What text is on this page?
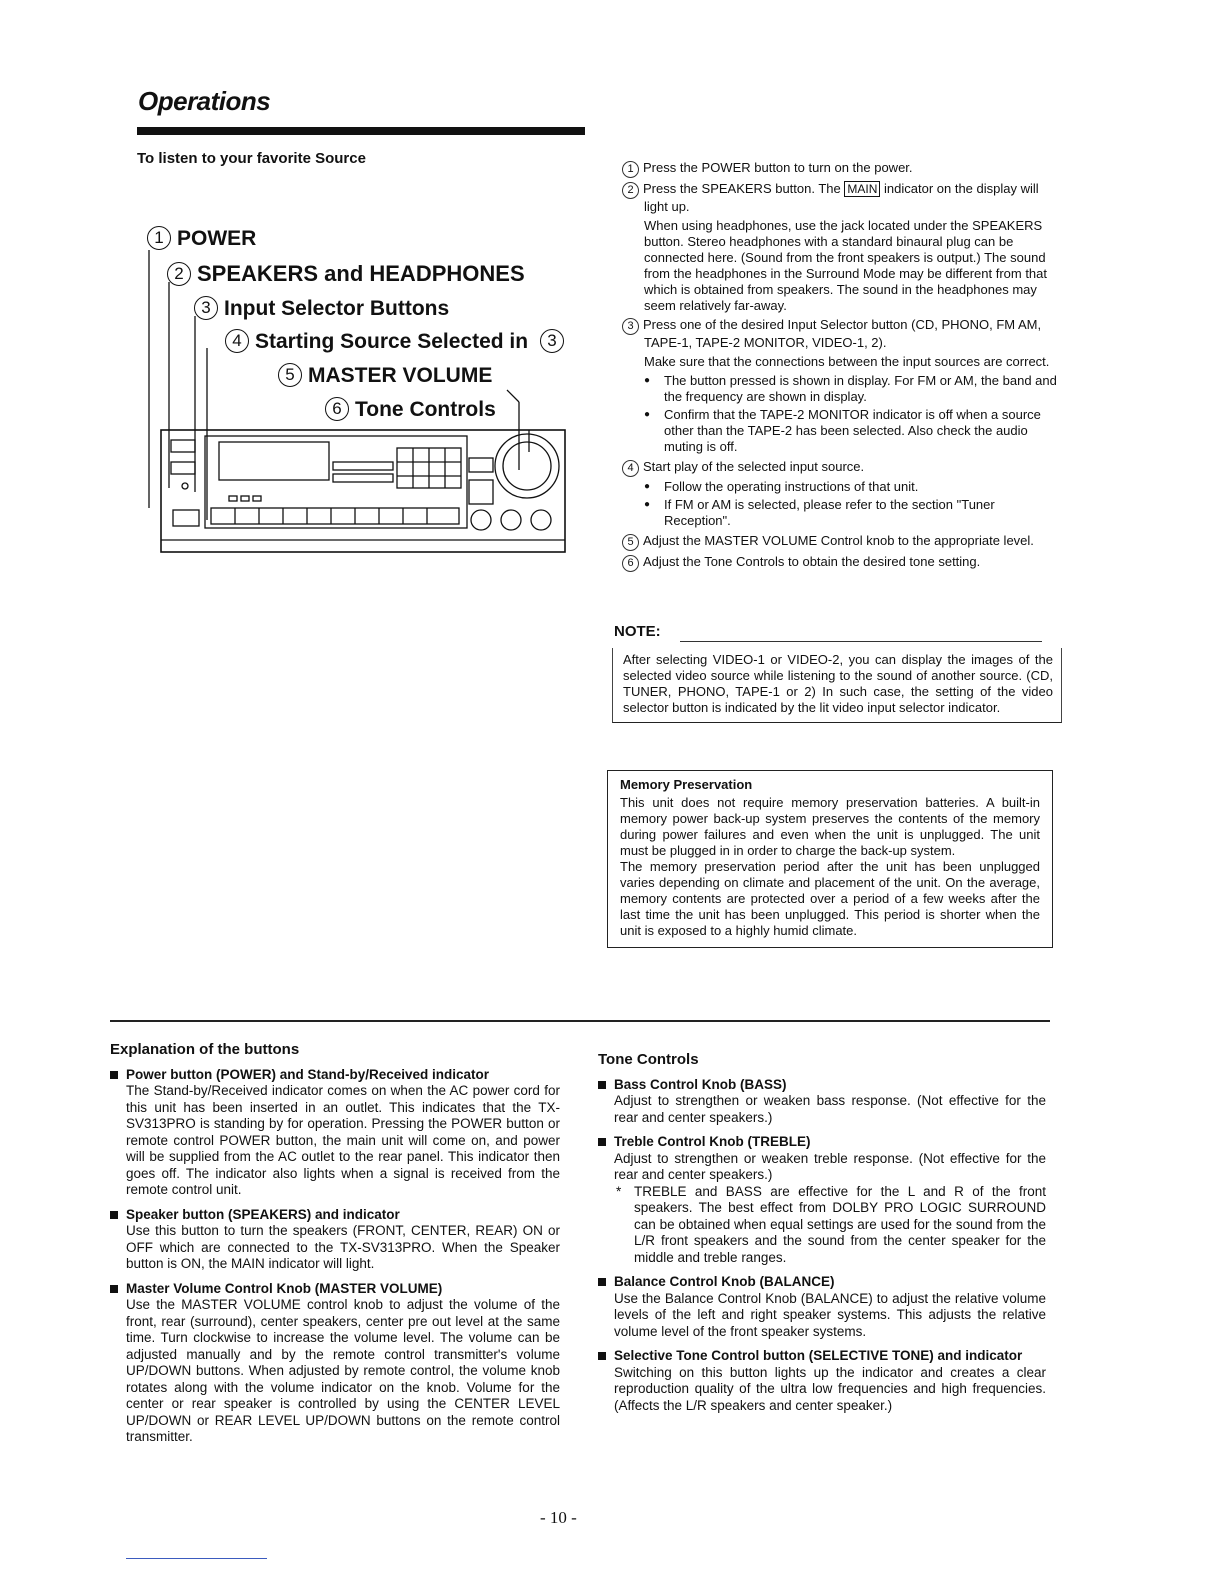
Operations
To listen to your favorite Source
1 POWER
2 SPEAKERS and HEADPHONES
3 Input Selector Buttons
4 Starting Source Selected in 3
5 MASTER VOLUME
6 Tone Controls

1 Press the POWER button to turn on the power.

2 Press the SPEAKERS button. The MAIN indicator on the display will light up.

When using headphones, use the jack located under the SPEAKERS button. Stereo headphones with a standard binaural plug can be connected here. (Sound from the front speakers is output.) The sound from the headphones in the Surround Mode may be different from that which is obtained from speakers. The sound in the headphones may seem relatively far-away.

3 Press one of the desired Input Selector button (CD, PHONO, FM AM, TAPE-1, TAPE-2 MONITOR, VIDEO-1, 2).

Make sure that the connections between the input sources are correct.

● The button pressed is shown in display. For FM or AM, the band and the frequency are shown in display.
● Confirm that the TAPE-2 MONITOR indicator is off when a source other than the TAPE-2 has been selected. Also check the audio muting is off.

4 Start play of the selected input source.

● Follow the operating instructions of that unit.
● If FM or AM is selected, please refer to the section "Tuner Reception".

5 Adjust the MASTER VOLUME Control knob to the appropriate level.

6 Adjust the Tone Controls to obtain the desired tone setting.

NOTE:
After selecting VIDEO-1 or VIDEO-2, you can display the images of the selected video source while listening to the sound of another source. (CD, TUNER, PHONO, TAPE-1 or 2) In such case, the setting of the video selector button is indicated by the lit video input selector indicator.
Memory Preservation

This unit does not require memory preservation batteries. A built-in memory power back-up system preserves the contents of the memory during power failures and even when the unit is unplugged. The unit must be plugged in in order to charge the back-up system.

The memory preservation period after the unit has been unplugged varies depending on climate and placement of the unit. On the average, memory contents are protected over a period of a few weeks after the last time the unit has been unplugged. This period is shorter when the unit is exposed to a highly humid climate.

Explanation of the buttons
Power button (POWER) and Stand-by/Received indicator

The Stand-by/Received indicator comes on when the AC power cord for this unit has been inserted in an outlet. This indicates that the TX-SV313PRO is standing by for operation. Pressing the POWER button or remote control POWER button, the main unit will come on, and power will be supplied from the AC outlet to the rear panel. This indicator then goes off. The indicator also lights when a signal is received from the remote control unit.

Speaker button (SPEAKERS) and indicator

Use this button to turn the speakers (FRONT, CENTER, REAR) ON or OFF which are connected to the TX-SV313PRO. When the Speaker button is ON, the MAIN indicator will light.

Master Volume Control Knob (MASTER VOLUME)

Use the MASTER VOLUME control knob to adjust the volume of the front, rear (surround), center speakers, center pre out level at the same time. Turn clockwise to increase the volume level. The volume can be adjusted manually and by the remote control transmitter's volume UP/DOWN buttons. When adjusted by remote control, the volume knob rotates along with the volume indicator on the knob. Volume for the center or rear speaker is controlled by using the CENTER LEVEL UP/DOWN or REAR LEVEL UP/DOWN buttons on the remote control transmitter.

Tone Controls
Bass Control Knob (BASS)

Adjust to strengthen or weaken bass response. (Not effective for the rear and center speakers.)

Treble Control Knob (TREBLE)

Adjust to strengthen or weaken treble response. (Not effective for the rear and center speakers.)

* TREBLE and BASS are effective for the L and R of the front speakers. The best effect from DOLBY PRO LOGIC SURROUND can be obtained when equal settings are used for the sound from the L/R front speakers and the sound from the center speaker for the middle and treble ranges.

Balance Control Knob (BALANCE)

Use the Balance Control Knob (BALANCE) to adjust the relative volume levels of the left and right speaker systems. This adjusts the relative volume level of the front speaker systems.

Selective Tone Control button (SELECTIVE TONE) and indicator

Switching on this button lights up the indicator and creates a clear reproduction quality of the ultra low frequencies and high frequencies. (Affects the L/R speakers and center speaker.)

- 10 -
